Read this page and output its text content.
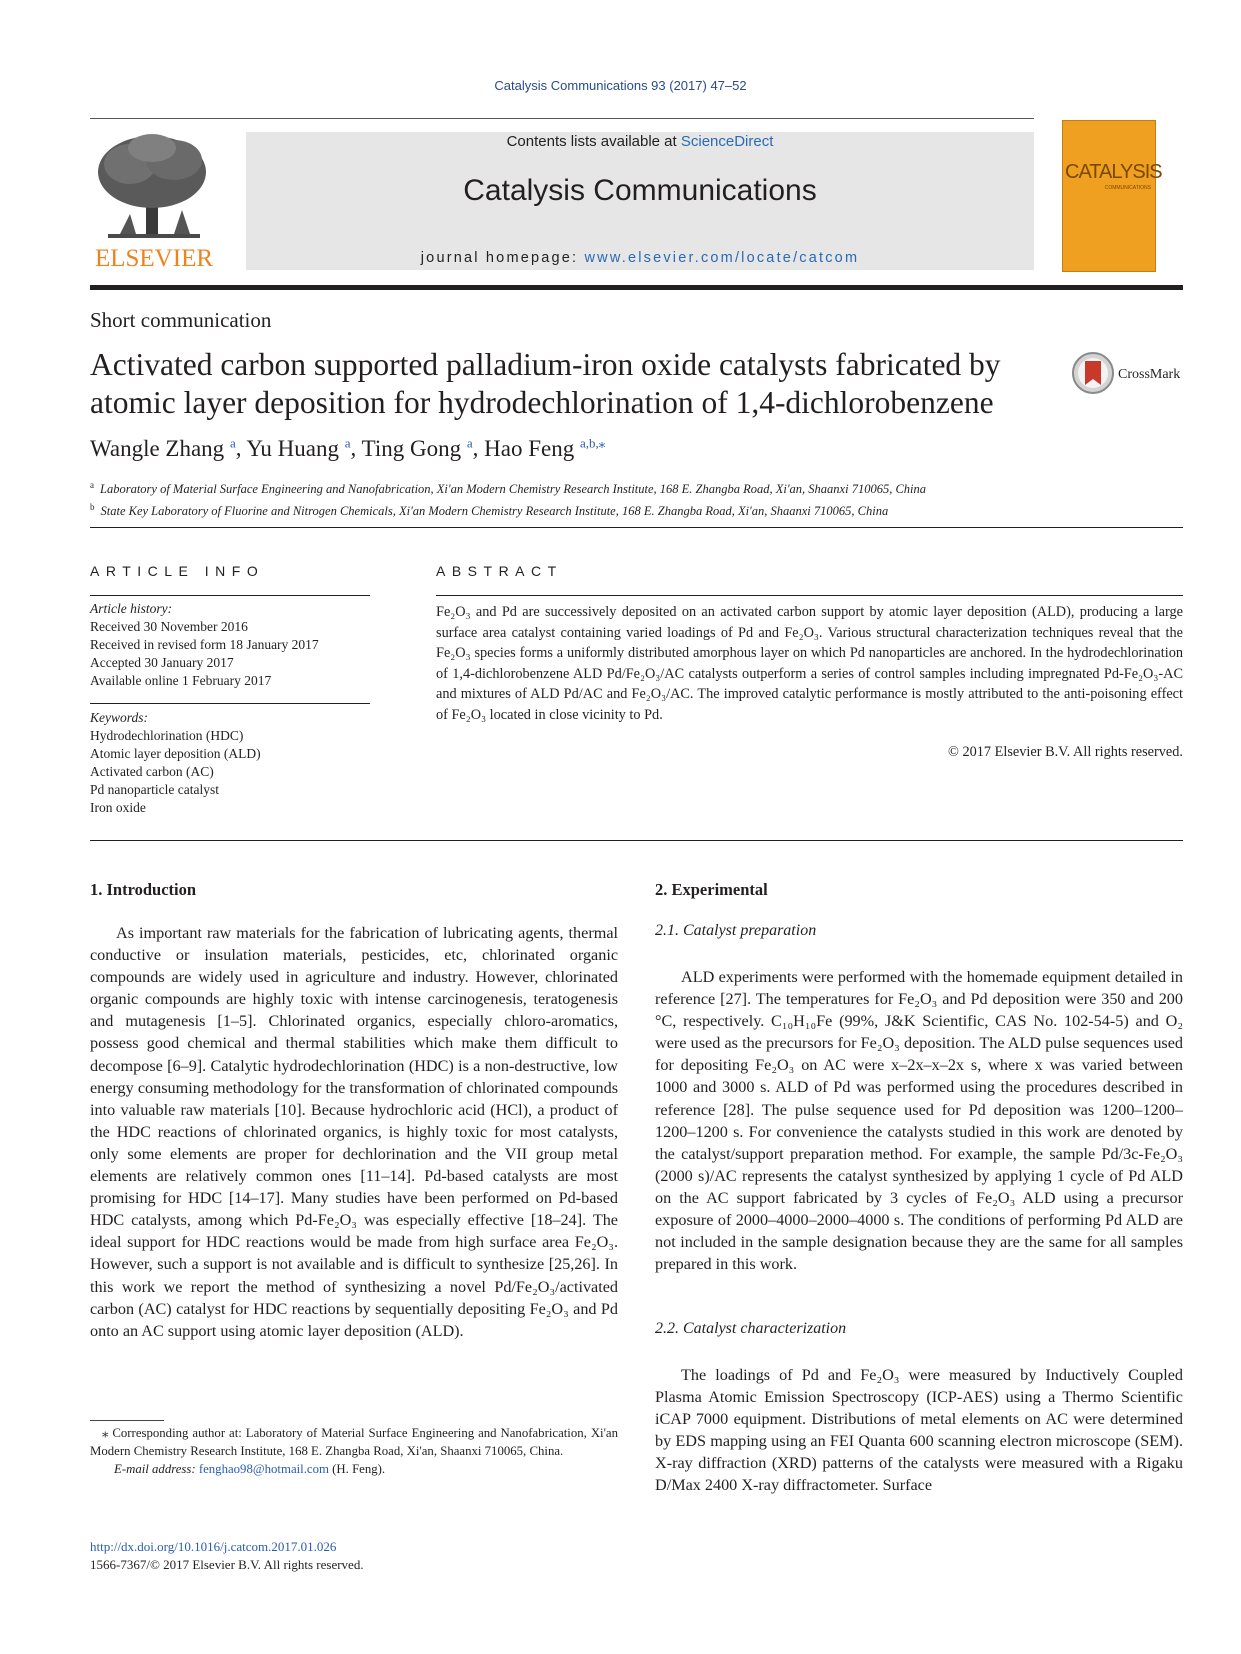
Catalysis Communications 93 (2017) 47–52
ELSEVIER
Contents lists available at ScienceDirect
Catalysis Communications
journal homepage: www.elsevier.com/locate/catcom
CATALYSIS
COMMUNICATIONS
Short communication
Activated carbon supported palladium-iron oxide catalysts fabricated by atomic layer deposition for hydrodechlorination of 1,4-dichlorobenzene
CrossMark
Wangle Zhang $^a$, Yu Huang $^a$, Ting Gong $^a$, Hao Feng $^{a,b,⁎}$
$^a$ Laboratory of Material Surface Engineering and Nanofabrication, Xi'an Modern Chemistry Research Institute, 168 E. Zhangba Road, Xi'an, Shaanxi 710065, China
$^b$ State Key Laboratory of Fluorine and Nitrogen Chemicals, Xi'an Modern Chemistry Research Institute, 168 E. Zhangba Road, Xi'an, Shaanxi 710065, China
ARTICLE INFO
Article history:
Received 30 November 2016
Received in revised form 18 January 2017
Accepted 30 January 2017
Available online 1 February 2017
Keywords:
Hydrodechlorination (HDC)
Atomic layer deposition (ALD)
Activated carbon (AC)
Pd nanoparticle catalyst
Iron oxide
ABSTRACT
Fe₂O₃ and Pd are successively deposited on an activated carbon support by atomic layer deposition (ALD), producing a large surface area catalyst containing varied loadings of Pd and Fe₂O₃. Various structural characterization techniques reveal that the Fe₂O₃ species forms a uniformly distributed amorphous layer on which Pd nanoparticles are anchored. In the hydrodechlorination of 1,4-dichlorobenzene ALD Pd/Fe₂O₃/AC catalysts outperform a series of control samples including impregnated Pd-Fe₂O₃-AC and mixtures of ALD Pd/AC and Fe₂O₃/AC. The improved catalytic performance is mostly attributed to the anti-poisoning effect of Fe₂O₃ located in close vicinity to Pd.
© 2017 Elsevier B.V. All rights reserved.
1. Introduction

As important raw materials for the fabrication of lubricating agents, thermal conductive or insulation materials, pesticides, etc, chlorinated organic compounds are widely used in agriculture and industry. However, chlorinated organic compounds are highly toxic with intense carcinogenesis, teratogenesis and mutagenesis [1–5]. Chlorinated organics, especially chloro-aromatics, possess good chemical and thermal stabilities which make them difficult to decompose [6–9]. Catalytic hydrodechlorination (HDC) is a non-destructive, low energy consuming methodology for the transformation of chlorinated compounds into valuable raw materials [10]. Because hydrochloric acid (HCl), a product of the HDC reactions of chlorinated organics, is highly toxic for most catalysts, only some elements are proper for dechlorination and the VII group metal elements are relatively common ones [11–14]. Pd-based catalysts are most promising for HDC [14–17]. Many studies have been performed on Pd-based HDC catalysts, among which Pd-Fe₂O₃ was especially effective [18–24]. The ideal support for HDC reactions would be made from high surface area Fe₂O₃. However, such a support is not available and is difficult to synthesize [25,26]. In this work we report the method of synthesizing a novel Pd/Fe₂O₃/activated carbon (AC) catalyst for HDC reactions by sequentially depositing Fe₂O₃ and Pd onto an AC support using atomic layer deposition (ALD).

⁎ Corresponding author at: Laboratory of Material Surface Engineering and Nanofabrication, Xi'an Modern Chemistry Research Institute, 168 E. Zhangba Road, Xi'an, Shaanxi 710065, China.
E-mail address: fenghao98@hotmail.com (H. Feng).
http://dx.doi.org/10.1016/j.catcom.2017.01.026
1566-7367/© 2017 Elsevier B.V. All rights reserved.
2. Experimental
2.1. Catalyst preparation

ALD experiments were performed with the homemade equipment detailed in reference [27]. The temperatures for Fe₂O₃ and Pd deposition were 350 and 200 °C, respectively. C₁₀H₁₀Fe (99%, J&K Scientific, CAS No. 102-54-5) and O₂ were used as the precursors for Fe₂O₃ deposition. The ALD pulse sequences used for depositing Fe₂O₃ on AC were x–2x–x–2x s, where x was varied between 1000 and 3000 s. ALD of Pd was performed using the procedures described in reference [28]. The pulse sequence used for Pd deposition was 1200–1200–1200–1200 s. For convenience the catalysts studied in this work are denoted by the catalyst/support preparation method. For example, the sample Pd/3c-Fe₂O₃ (2000 s)/AC represents the catalyst synthesized by applying 1 cycle of Pd ALD on the AC support fabricated by 3 cycles of Fe₂O₃ ALD using a precursor exposure of 2000–4000–2000–4000 s. The conditions of performing Pd ALD are not included in the sample designation because they are the same for all samples prepared in this work.

2.2. Catalyst characterization

The loadings of Pd and Fe₂O₃ were measured by Inductively Coupled Plasma Atomic Emission Spectroscopy (ICP-AES) using a Thermo Scientific iCAP 7000 equipment. Distributions of metal elements on AC were determined by EDS mapping using an FEI Quanta 600 scanning electron microscope (SEM). X-ray diffraction (XRD) patterns of the catalysts were measured with a Rigaku D/Max 2400 X-ray diffractometer. Surface
